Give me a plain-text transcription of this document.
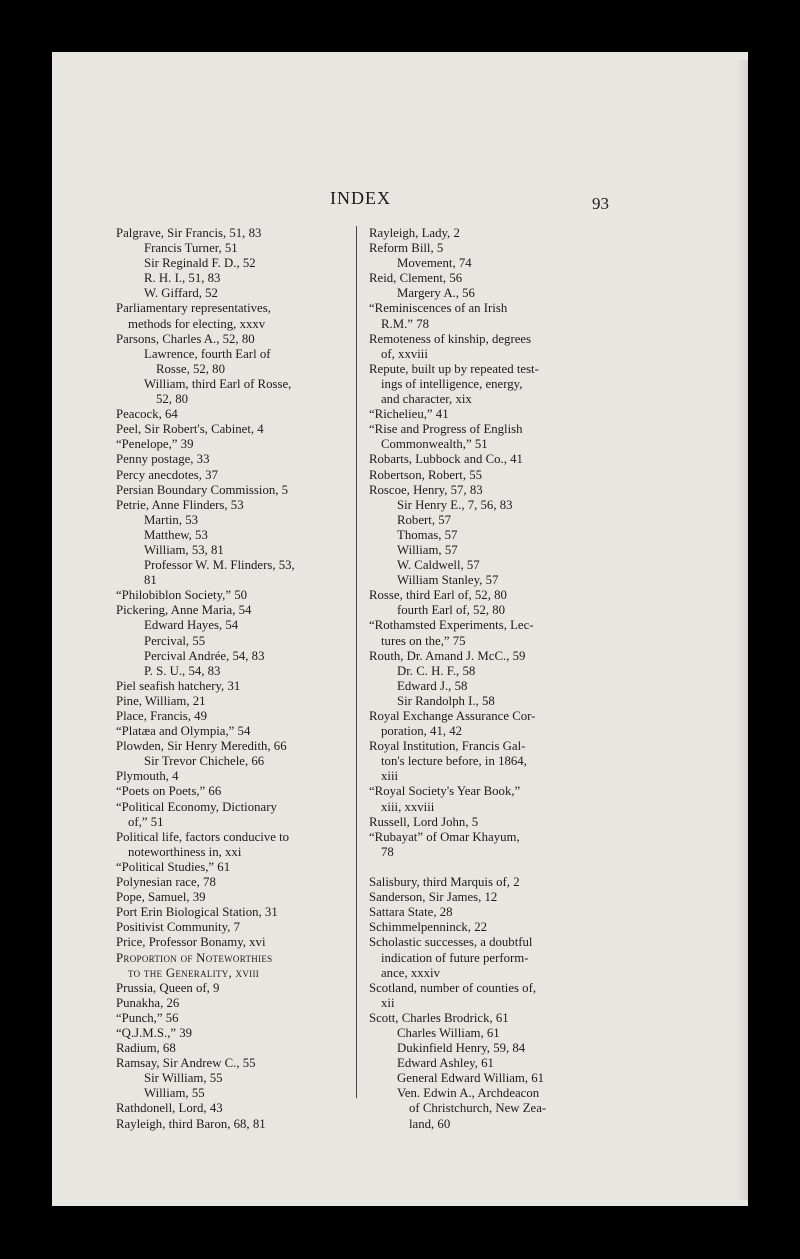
INDEX	93
Palgrave, Sir Francis, 51, 83
Francis Turner, 51
Sir Reginald F. D., 52
R. H. I., 51, 83
W. Giffard, 52
Parliamentary representatives,
methods for electing, xxxv
Parsons, Charles A., 52, 80
Lawrence, fourth Earl of
Rosse, 52, 80
William, third Earl of Rosse,
52, 80
Peacock, 64
Peel, Sir Robert's, Cabinet, 4
“Penelope,” 39
Penny postage, 33
Percy anecdotes, 37
Persian Boundary Commission, 5
Petrie, Anne Flinders, 53
Martin, 53
Matthew, 53
William, 53, 81
Professor W. M. Flinders, 53,
81
“Philobiblon Society,” 50
Pickering, Anne Maria, 54
Edward Hayes, 54
Percival, 55
Percival Andrée, 54, 83
P. S. U., 54, 83
Piel seafish hatchery, 31
Pine, William, 21
Place, Francis, 49
“Platæa and Olympia,” 54
Plowden, Sir Henry Meredith, 66
Sir Trevor Chichele, 66
Plymouth, 4
“Poets on Poets,” 66
“Political Economy, Dictionary
of,” 51
Political life, factors conducive to
noteworthiness in, xxi
“Political Studies,” 61
Polynesian race, 78
Pope, Samuel, 39
Port Erin Biological Station, 31
Positivist Community, 7
Price, Professor Bonamy, xvi
Proportion of Noteworthies
to the Generality, xviii
Prussia, Queen of, 9
Punakha, 26
“Punch,” 56
“Q.J.M.S.,” 39
Radium, 68
Ramsay, Sir Andrew C., 55
Sir William, 55
William, 55
Rathdonell, Lord, 43
Rayleigh, third Baron, 68, 81
Rayleigh, Lady, 2
Reform Bill, 5
Movement, 74
Reid, Clement, 56
Margery A., 56
“Reminiscences of an Irish
R.M.” 78
Remoteness of kinship, degrees
of, xxviii
Repute, built up by repeated test-
ings of intelligence, energy,
and character, xix
“Richelieu,” 41
“Rise and Progress of English
Commonwealth,” 51
Robarts, Lubbock and Co., 41
Robertson, Robert, 55
Roscoe, Henry, 57, 83
Sir Henry E., 7, 56, 83
Robert, 57
Thomas, 57
William, 57
W. Caldwell, 57
William Stanley, 57
Rosse, third Earl of, 52, 80
fourth Earl of, 52, 80
“Rothamsted Experiments, Lec-
tures on the,” 75
Routh, Dr. Amand J. McC., 59
Dr. C. H. F., 58
Edward J., 58
Sir Randolph I., 58
Royal Exchange Assurance Cor-
poration, 41, 42
Royal Institution, Francis Gal-
ton's lecture before, in 1864,
xiii
“Royal Society's Year Book,”
xiii, xxviii
Russell, Lord John, 5
“Rubayat” of Omar Khayum,
78
Salisbury, third Marquis of, 2
Sanderson, Sir James, 12
Sattara State, 28
Schimmelpenninck, 22
Scholastic successes, a doubtful
indication of future perform-
ance, xxxiv
Scotland, number of counties of,
xii
Scott, Charles Brodrick, 61
Charles William, 61
Dukinfield Henry, 59, 84
Edward Ashley, 61
General Edward William, 61
Ven. Edwin A., Archdeacon
of Christchurch, New Zea-
land, 60
